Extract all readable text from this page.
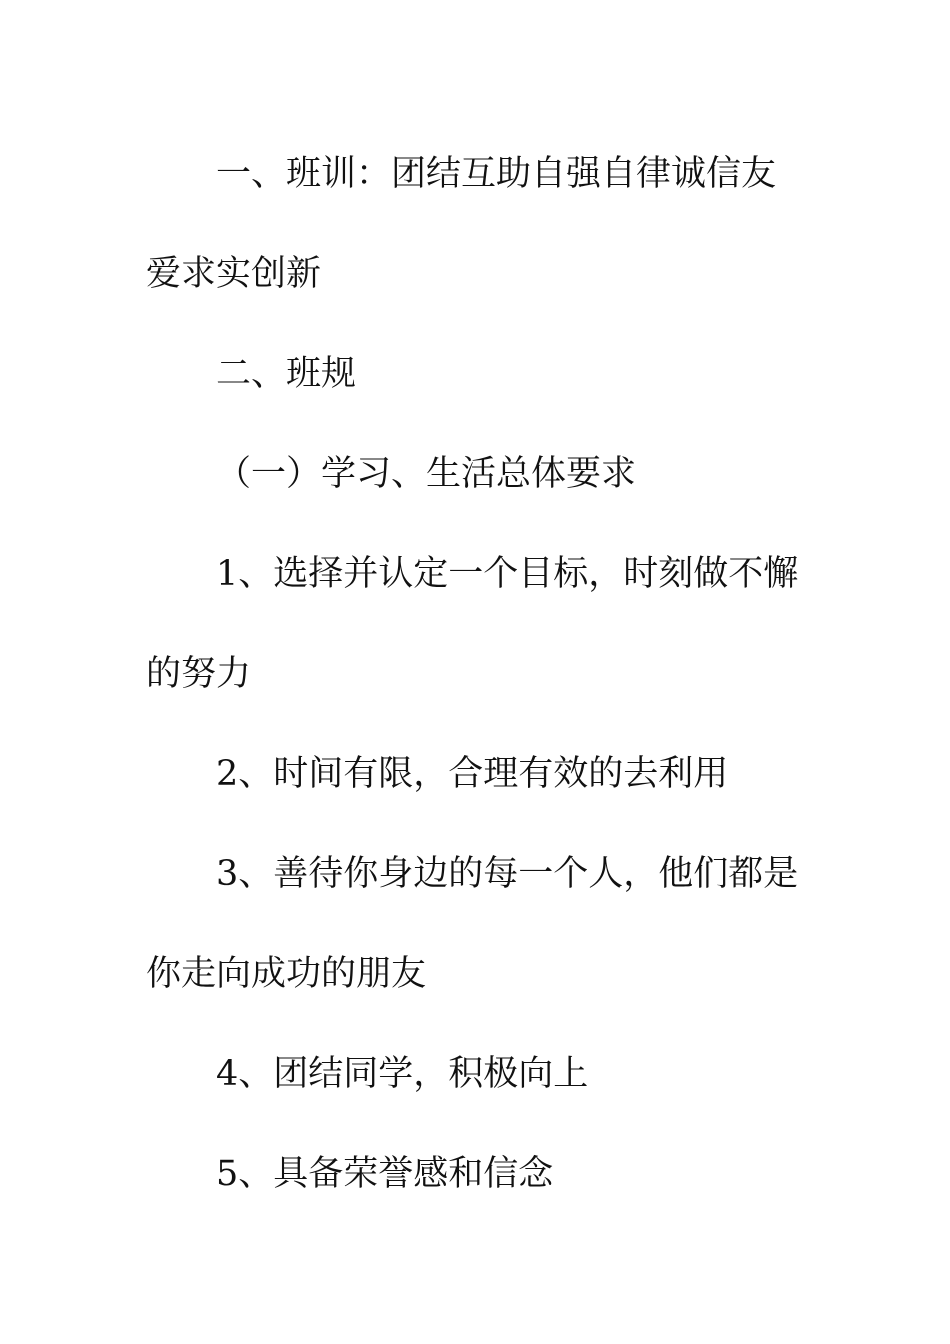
一、班训：团结互助自强自律诚信友
爱求实创新
二、班规
（一）学习、生活总体要求
1、选择并认定一个目标，时刻做不懈
的努力
2、时间有限，合理有效的去利用
3、善待你身边的每一个人，他们都是
你走向成功的朋友
4、团结同学，积极向上
5、具备荣誉感和信念
